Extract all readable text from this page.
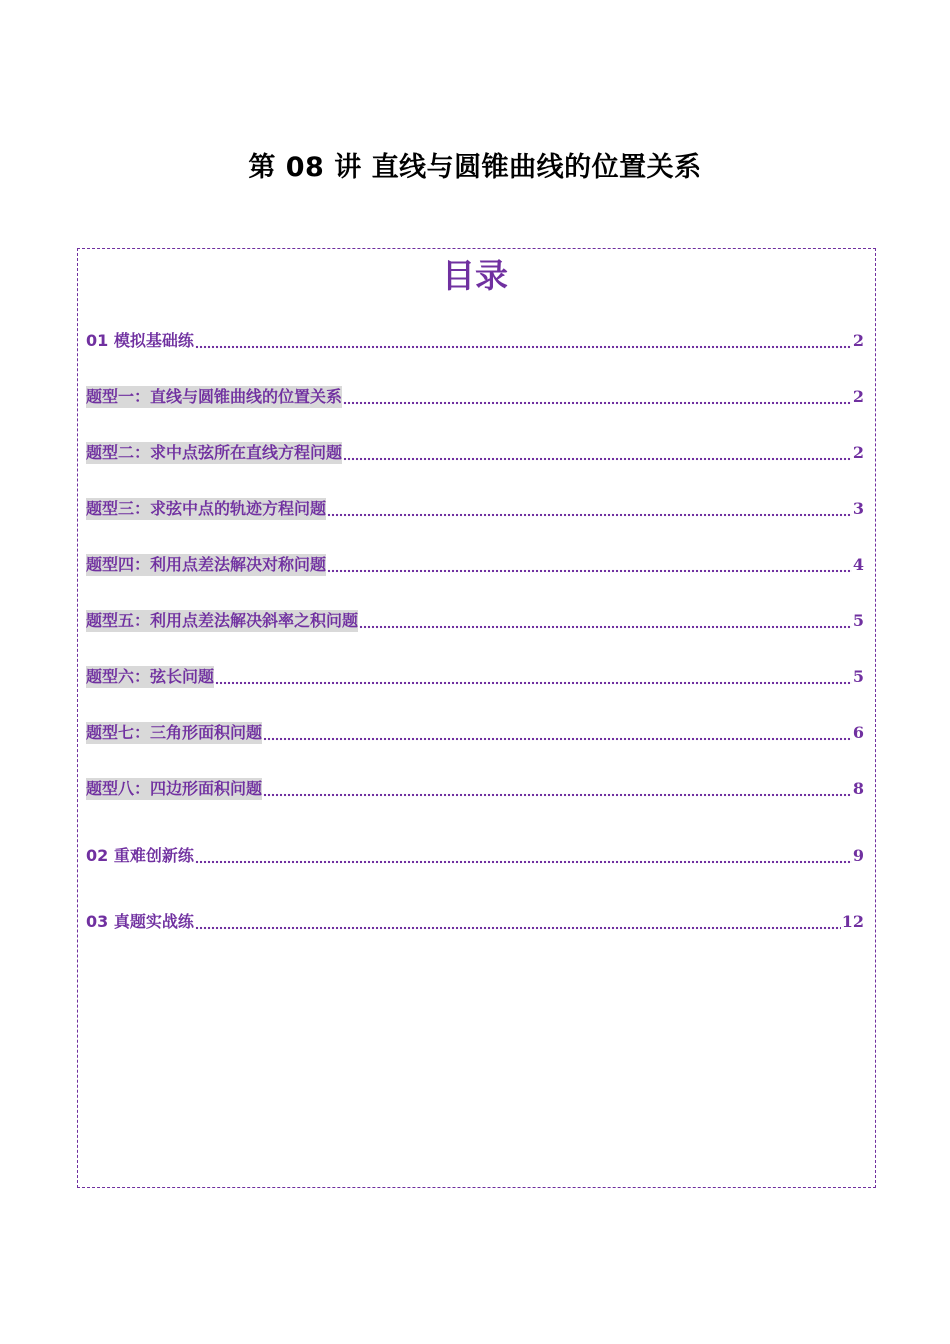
第 08 讲 直线与圆锥曲线的位置关系
目录
01 模拟基础练	2
题型一：直线与圆锥曲线的位置关系	2
题型二：求中点弦所在直线方程问题	2
题型三：求弦中点的轨迹方程问题	3
题型四：利用点差法解决对称问题	4
题型五：利用点差法解决斜率之积问题	5
题型六：弦长问题	5
题型七：三角形面积问题	6
题型八：四边形面积问题	8
02 重难创新练	9
03 真题实战练	12
